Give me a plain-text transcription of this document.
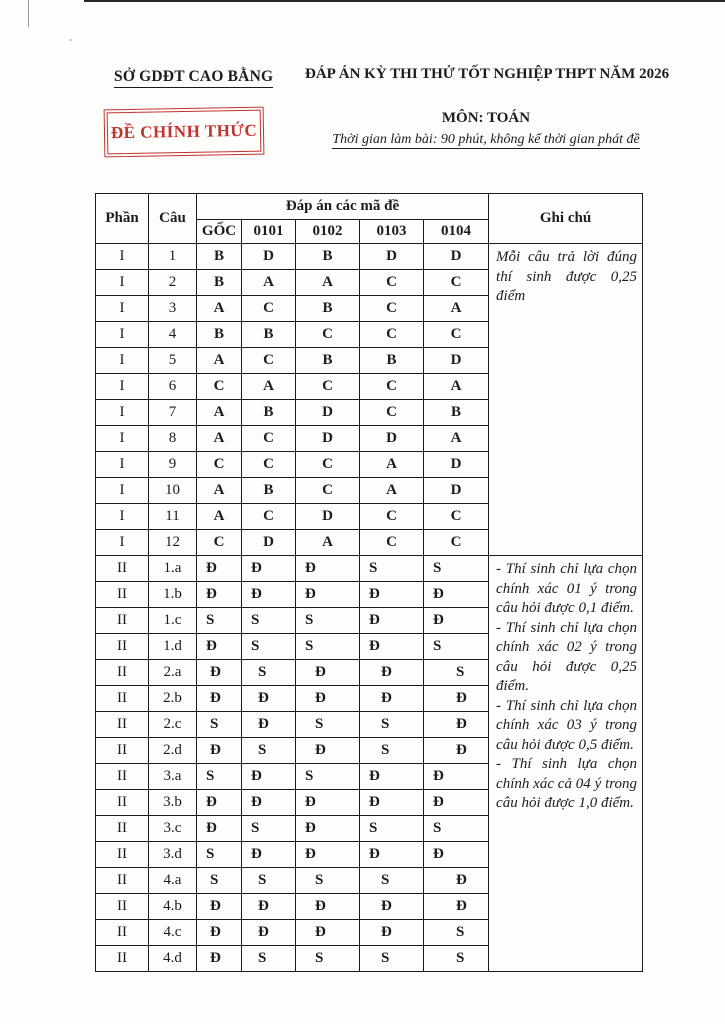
SỞ GDĐT CAO BẰNG ĐÁP ÁN KỲ THI THỬ TỐT NGHIỆP THPT NĂM 2026
ĐỀ CHÍNH THỨC
MÔN: TOÁN
Thời gian làm bài: 90 phút, không kể thời gian phát đề
Phần	Câu	Đáp án các mã đề					Ghi chú
		GỐC	0101	0102	0103	0104	
I	1	B	D	B	D	D	Mỗi câu trả lời đúng thí sinh được 0,25 điểm

I	2	B	A	A	C	C	
I	3	A	C	B	C	A	
I	4	B	B	C	C	C	
I	5	A	C	B	B	D	
I	6	C	A	C	C	A	
I	7	A	B	D	C	B	
I	8	A	C	D	D	A	
I	9	C	C	C	A	D	
I	10	A	B	C	A	D	
I	11	A	C	D	C	C	
I	12	C	D	A	C	C	
II	1.a	Đ	Đ	Đ	S	S	- Thí sinh chỉ lựa chọn chính xác 01 ý trong câu hỏi được 0,1 điểm.
- Thí sinh chỉ lựa chọn chính xác 02 ý trong câu hỏi được 0,25 điểm.
- Thí sinh chỉ lựa chọn chính xác 03 ý trong câu hỏi được 0,5 điểm.
- Thí sinh lựa chọn chính xác cả 04 ý trong câu hỏi được 1,0 điểm.

II	1.b	Đ	Đ	Đ	Đ	Đ	
II	1.c	S	S	S	Đ	Đ	
II	1.d	Đ	S	S	Đ	S	
II	2.a	Đ	S	Đ	Đ	S	
II	2.b	Đ	Đ	Đ	Đ	Đ	
II	2.c	S	Đ	S	S	Đ	
II	2.d	Đ	S	Đ	S	Đ	
II	3.a	S	Đ	S	Đ	Đ	
II	3.b	Đ	Đ	Đ	Đ	Đ	
II	3.c	Đ	S	Đ	S	S	
II	3.d	S	Đ	Đ	Đ	Đ	
II	4.a	S	S	S	S	Đ	
II	4.b	Đ	Đ	Đ	Đ	Đ	
II	4.c	Đ	Đ	Đ	Đ	S	
II	4.d	Đ	S	S	S	S	
